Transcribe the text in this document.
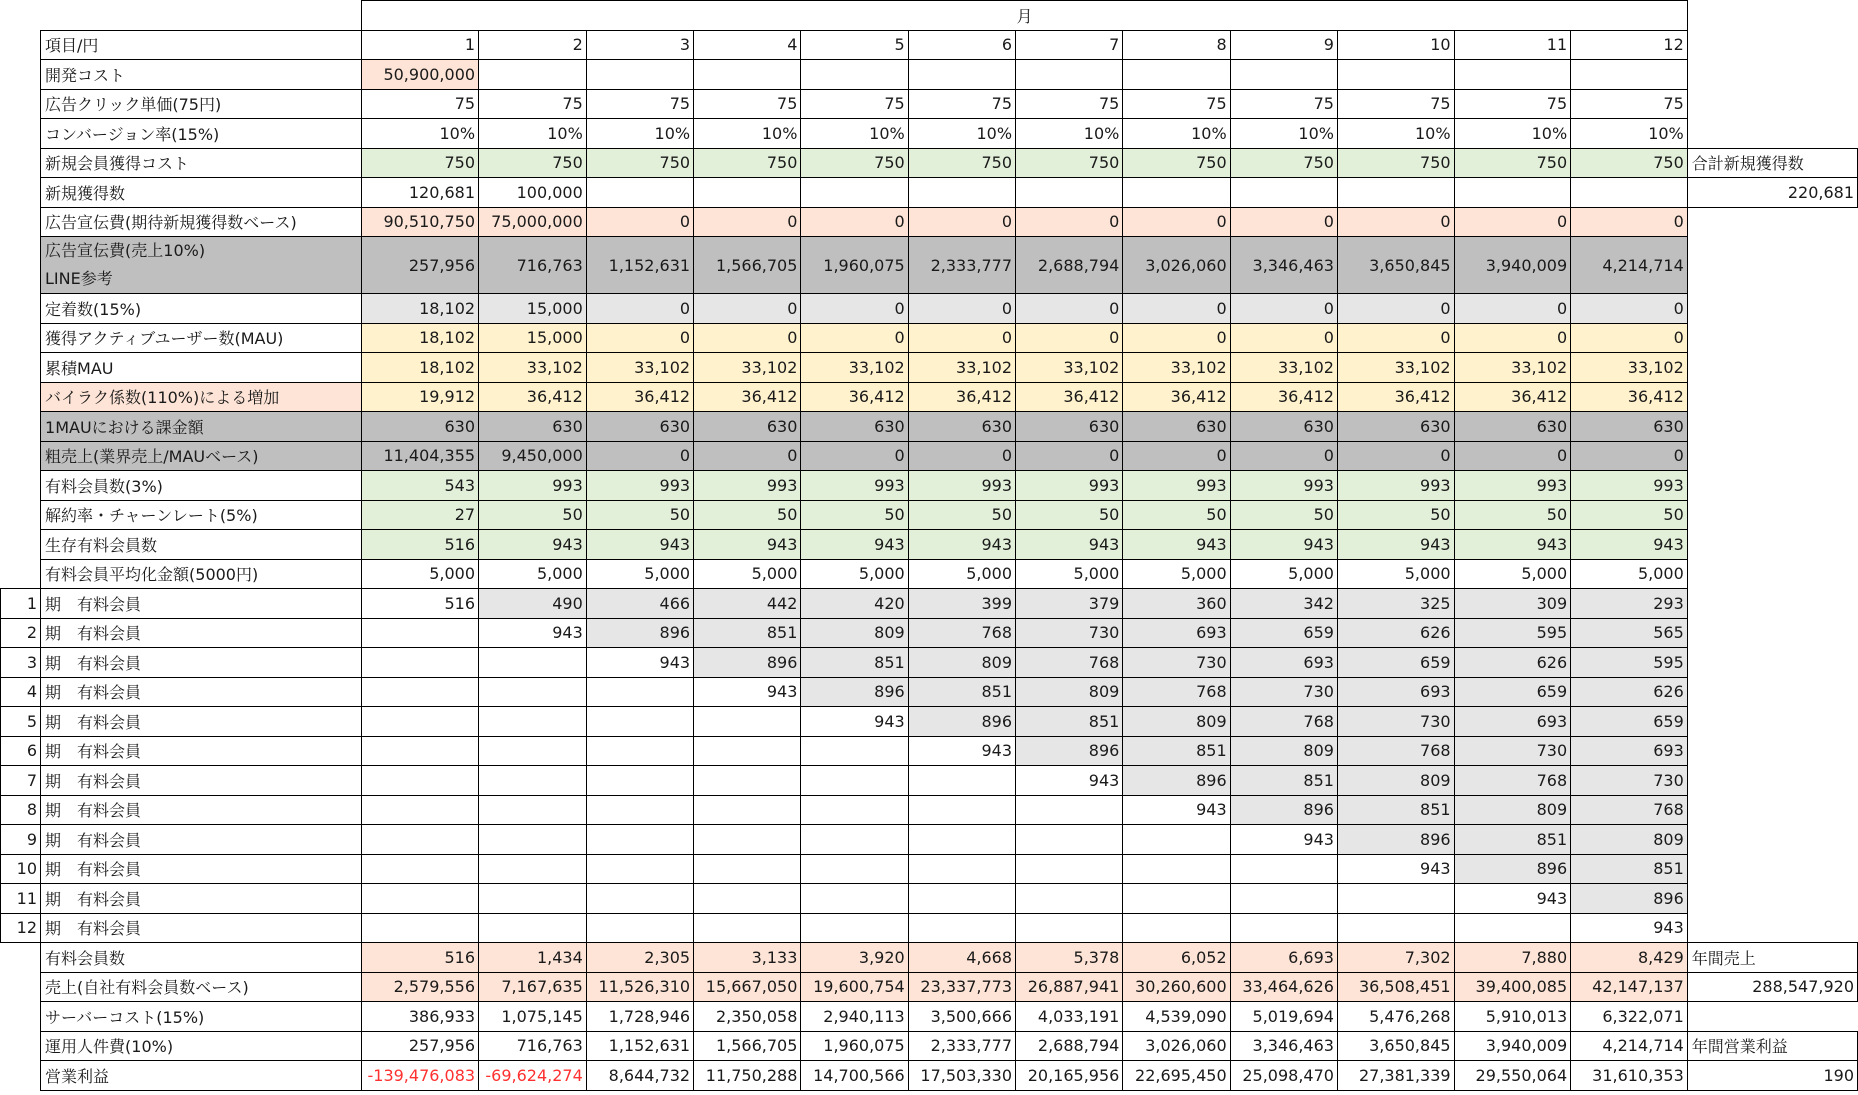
		月												
	項目/円	1	2	3	4	5	6	7	8	9	10	11	12	
	開発コスト	50,900,000												
	広告クリック単価(75円)	75	75	75	75	75	75	75	75	75	75	75	75	
	コンバージョン率(15%)	10%	10%	10%	10%	10%	10%	10%	10%	10%	10%	10%	10%	
	新規会員獲得コスト	750	750	750	750	750	750	750	750	750	750	750	750	合計新規獲得数
	新規獲得数	120,681	100,000											220,681
	広告宣伝費(期待新規獲得数ベース)	90,510,750	75,000,000	0	0	0	0	0	0	0	0	0	0	
	広告宣伝費(売上10%)
LINE参考	257,956	716,763	1,152,631	1,566,705	1,960,075	2,333,777	2,688,794	3,026,060	3,346,463	3,650,845	3,940,009	4,214,714	
	定着数(15%)	18,102	15,000	0	0	0	0	0	0	0	0	0	0	
	獲得アクティブユーザー数(MAU)	18,102	15,000	0	0	0	0	0	0	0	0	0	0	
	累積MAU	18,102	33,102	33,102	33,102	33,102	33,102	33,102	33,102	33,102	33,102	33,102	33,102	
	バイラク係数(110%)による増加	19,912	36,412	36,412	36,412	36,412	36,412	36,412	36,412	36,412	36,412	36,412	36,412	
	1MAUにおける課金額	630	630	630	630	630	630	630	630	630	630	630	630	
	粗売上(業界売上/MAUベース)	11,404,355	9,450,000	0	0	0	0	0	0	0	0	0	0	
	有料会員数(3%)	543	993	993	993	993	993	993	993	993	993	993	993	
	解約率・チャーンレート(5%)	27	50	50	50	50	50	50	50	50	50	50	50	
	生存有料会員数	516	943	943	943	943	943	943	943	943	943	943	943	
	有料会員平均化金額(5000円)	5,000	5,000	5,000	5,000	5,000	5,000	5,000	5,000	5,000	5,000	5,000	5,000	
1	期　有料会員	516	490	466	442	420	399	379	360	342	325	309	293	
2	期　有料会員		943	896	851	809	768	730	693	659	626	595	565	
3	期　有料会員			943	896	851	809	768	730	693	659	626	595	
4	期　有料会員				943	896	851	809	768	730	693	659	626	
5	期　有料会員					943	896	851	809	768	730	693	659	
6	期　有料会員						943	896	851	809	768	730	693	
7	期　有料会員							943	896	851	809	768	730	
8	期　有料会員								943	896	851	809	768	
9	期　有料会員									943	896	851	809	
10	期　有料会員										943	896	851	
11	期　有料会員											943	896	
12	期　有料会員												943	
	有料会員数	516	1,434	2,305	3,133	3,920	4,668	5,378	6,052	6,693	7,302	7,880	8,429	年間売上
	売上(自社有料会員数ベース)	2,579,556	7,167,635	11,526,310	15,667,050	19,600,754	23,337,773	26,887,941	30,260,600	33,464,626	36,508,451	39,400,085	42,147,137	288,547,920
	サーバーコスト(15%)	386,933	1,075,145	1,728,946	2,350,058	2,940,113	3,500,666	4,033,191	4,539,090	5,019,694	5,476,268	5,910,013	6,322,071	
	運用人件費(10%)	257,956	716,763	1,152,631	1,566,705	1,960,075	2,333,777	2,688,794	3,026,060	3,346,463	3,650,845	3,940,009	4,214,714	年間営業利益
	営業利益	-139,476,083	-69,624,274	8,644,732	11,750,288	14,700,566	17,503,330	20,165,956	22,695,450	25,098,470	27,381,339	29,550,064	31,610,353	190
